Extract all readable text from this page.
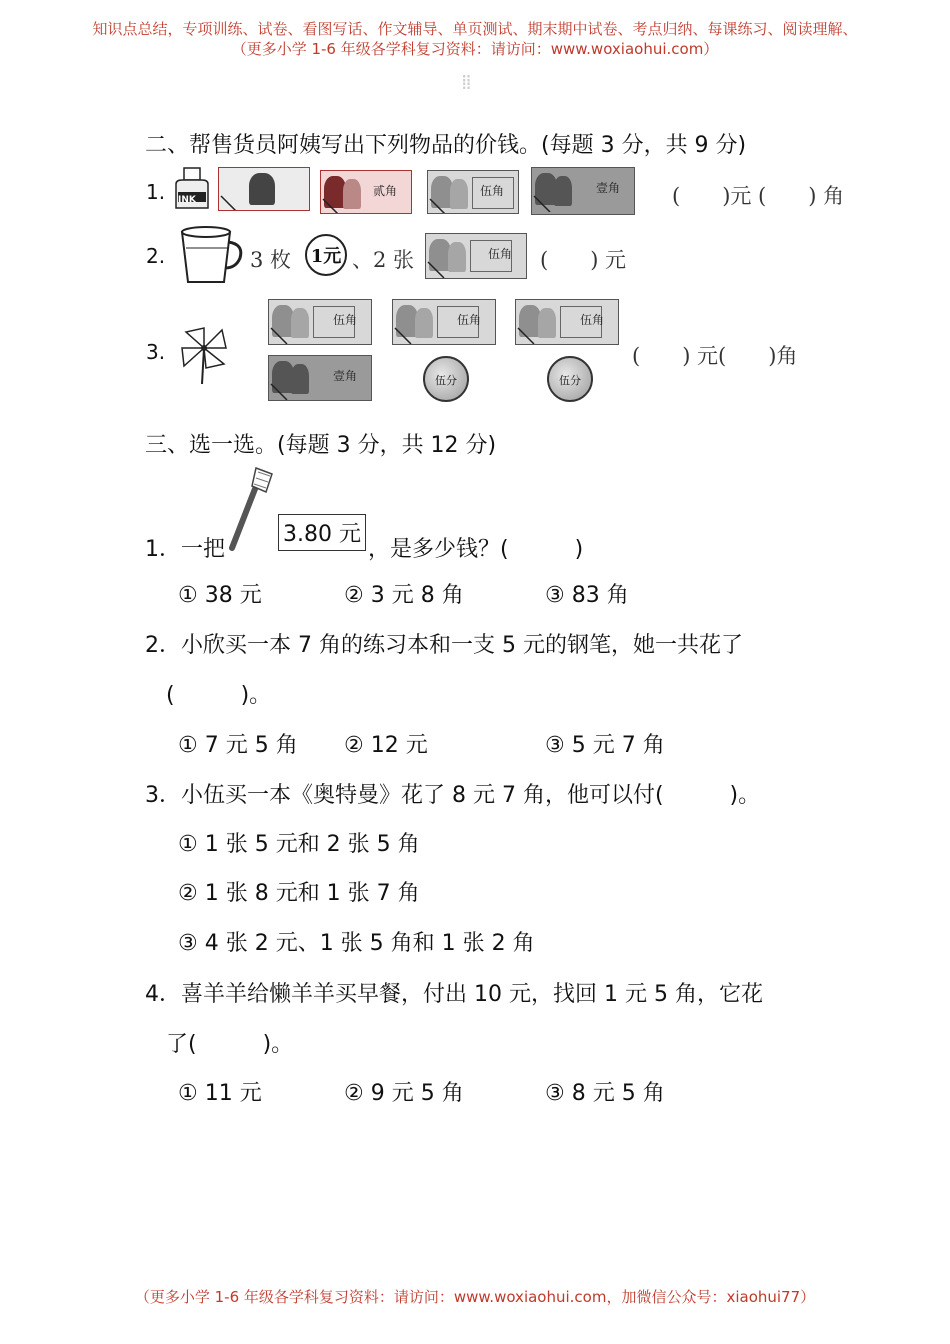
知识点总结，专项训练、试卷、看图写话、作文辅导、单页测试、期末期中试卷、考点归纳、每课练习、阅读理解、
（更多小学 1-6 年级各学科复习资料：请访问：www.woxiaohui.com）
⁞⁞
二、帮售货员阿姨写出下列物品的价钱。(每题 3 分，共 9 分)
1. INK
贰角	伍角	壹角 (　　)元 (　　) 角
2.	3 枚 1元 、2 张	伍角 (　　) 元
3.
伍角	伍角	伍角
壹角	伍分	伍分
(　　) 元(　　)角
三、选一选。(每题 3 分，共 12 分)
1．一把
3.80 元
，是多少钱？(　　　)
① 38 元	② 3 元 8 角	③ 83 角
2．小欣买一本 7 角的练习本和一支 5 元的钢笔，她一共花了
(　　　)。
① 7 元 5 角 ② 12 元	③ 5 元 7 角
3．小伍买一本《奥特曼》花了 8 元 7 角，他可以付(　　　)。
① 1 张 5 元和 2 张 5 角
② 1 张 8 元和 1 张 7 角
③ 4 张 2 元、1 张 5 角和 1 张 2 角
4．喜羊羊给懒羊羊买早餐，付出 10 元，找回 1 元 5 角，它花
了(　　　)。
① 11 元	② 9 元 5 角	③ 8 元 5 角
（更多小学 1-6 年级各学科复习资料：请访问：www.woxiaohui.com，加微信公众号：xiaohui77）
